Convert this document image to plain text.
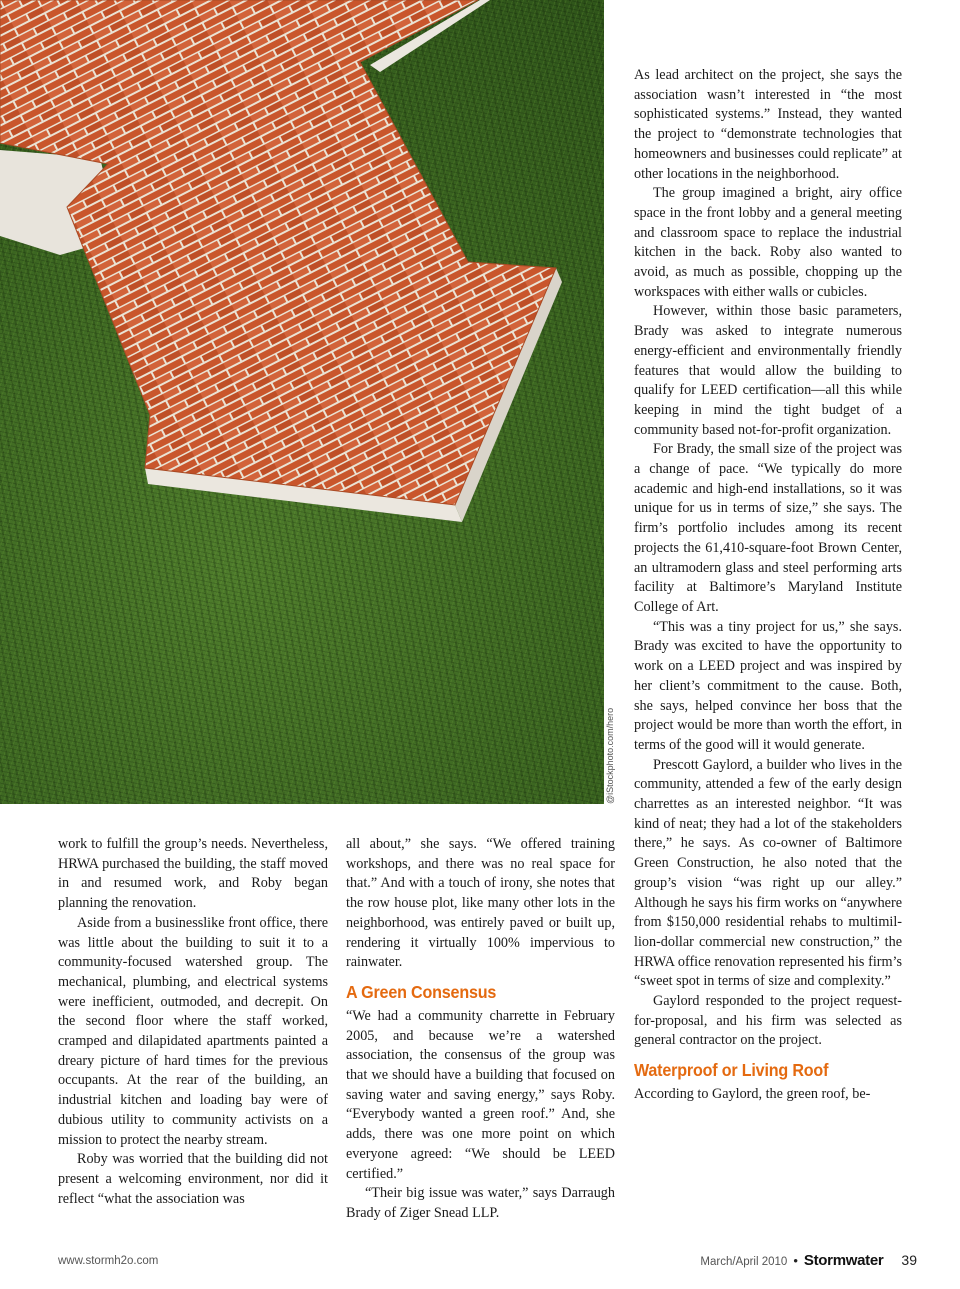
@iStockphoto.com/hero

work to fulfill the group’s needs. Nevertheless, HRWA purchased the building, the staff moved in and resumed work, and Roby began planning the renovation.

Aside from a businesslike front office, there was little about the building to suit it to a community-focused watershed group. The mechanical, plumbing, and electrical systems were inefficient, outmoded, and decrepit. On the second floor where the staff worked, cramped and dilapidated apartments painted a dreary picture of hard times for the previous occupants. At the rear of the building, an industrial kitchen and loading bay were of dubious utility to community activists on a mission to protect the nearby stream.

Roby was worried that the building did not present a welcoming environment, nor did it reflect “what the association was

all about,” she says. “We offered training workshops, and there was no real space for that.” And with a touch of irony, she notes that the row house plot, like many other lots in the neighborhood, was entirely paved or built up, rendering it virtually 100% impervious to rainwater.

A Green Consensus

“We had a community charrette in February 2005, and because we’re a watershed association, the consensus of the group was that we should have a building that focused on saving water and saving energy,” says Roby. “Everybody wanted a green roof.” And, she adds, there was one more point on which everyone agreed: “We should be LEED certified.”

“Their big issue was water,” says Darraugh Brady of Ziger Snead LLP.

As lead architect on the project, she says the association wasn’t interested in “the most sophisticated systems.” Instead, they wanted the project to “demonstrate technologies that homeowners and businesses could replicate” at other locations in the neighborhood.

The group imagined a bright, airy office space in the front lobby and a general meeting and classroom space to replace the industrial kitchen in the back. Roby also wanted to avoid, as much as possible, chopping up the workspaces with either walls or cubicles.

However, within those basic parameters, Brady was asked to integrate numerous energy-efficient and environmentally friendly features that would allow the building to qualify for LEED certification—all this while keeping in mind the tight budget of a community based not-for-profit organization.

For Brady, the small size of the project was a change of pace. “We typically do more academic and high-end installations, so it was unique for us in terms of size,” she says. The firm’s portfolio includes among its recent projects the 61,410-square-foot Brown Center, an ultramodern glass and steel performing arts facility at Baltimore’s Maryland Institute College of Art.

“This was a tiny project for us,” she says. Brady was excited to have the opportunity to work on a LEED project and was inspired by her client’s commitment to the cause. Both, she says, helped convince her boss that the project would be more than worth the effort, in terms of the good will it would generate.

Prescott Gaylord, a builder who lives in the community, attended a few of the early design charrettes as an interested neighbor. “It was kind of neat; they had a lot of the stakeholders there,” he says. As co-owner of Baltimore Green Construction, he also noted that the group’s vision “was right up our alley.” Although he says his firm works on “anywhere from $150,000 residential rehabs to multimillion-dollar commercial new construction,” the HRWA office renovation represented his firm’s “sweet spot in terms of size and complexity.”

Gaylord responded to the project request-for-proposal, and his firm was selected as general contractor on the project.

Waterproof or Living Roof

According to Gaylord, the green roof, be-

www.stormh2o.com	March/April 2010 • Stormwater 39
